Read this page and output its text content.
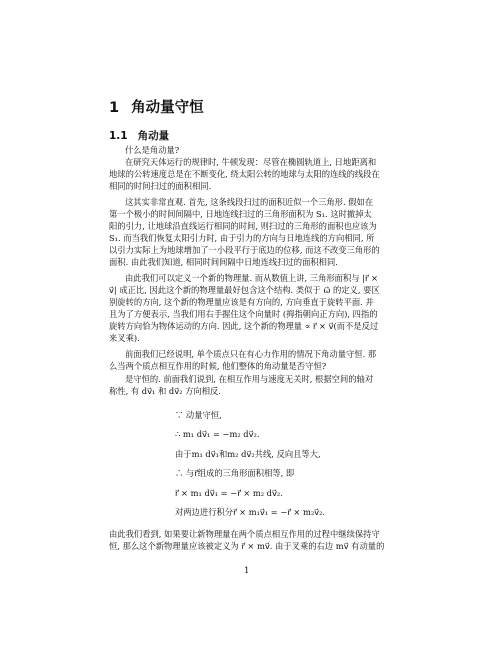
1 角动量守恒
1.1 角动量
什么是角动量?
在研究天体运行的规律时, 牛顿发现：尽管在椭圆轨道上, 日地距离和
地球的公转速度总是在不断变化, 绕太阳公转的地球与太阳的连线的线段在
相同的时间扫过的面积相同.
这其实非常直观. 首先, 这条线段扫过的面积近似一个三角形. 假如在
第一个极小的时间间隔中, 日地连线扫过的三角形面积为 S₁. 这时撤掉太
阳的引力, 让地球沿直线运行相同的时间, 则扫过的三角形的面积也应该为
S₁. 而当我们恢复太阳引力时, 由于引力的方向与日地连线的方向相同, 所
以引力实际上为地球增加了一小段平行于底边的位移, 而这不改变三角形的
面积. 由此我们知道, 相同时间间隔中日地连线扫过的面积相同.
由此我们可以定义一个新的物理量. 而从数值上讲, 三角形面积与 |r⃗ ×
v⃗| 成正比, 因此这个新的物理量最好包含这个结构. 类似于 ω⃗ 的定义, 要区
别旋转的方向, 这个新的物理量应该是有方向的, 方向垂直于旋转平面. 并
且为了方便表示, 当我们用右手握住这个向量时 (拇指朝向正方向), 四指的
旋转方向恰为物体运动的方向. 因此, 这个新的物理量 ∝ r⃗ × v⃗(而不是反过
来叉乘).
前面我们已经说明, 单个质点只在有心力作用的情况下角动量守恒. 那
么当两个质点相互作用的时候, 他们整体的角动量是否守恒?
是守恒的. 前面我们说到, 在相互作用与速度无关时, 根据空间的轴对
称性, 有 dv⃗₁ 和 dv⃗₂ 方向相反.
∵ 动量守恒,
∴ m₁ dv⃗₁ = −m₂ dv⃗₂.
由于m₁ dv⃗₁和m₂ dv⃗₂共线, 反向且等大,
∴ 与r⃗组成的三角形面积相等, 即
r⃗ × m₁ dv⃗₁ = −r⃗ × m₂ dv⃗₂.
对两边进行积分r⃗ × m₁v⃗₁ = −r⃗ × m₂v⃗₂.
由此我们看到, 如果要让新物理量在两个质点相互作用的过程中继续保持守
恒, 那么这个新物理量应该被定义为 r⃗ × mv⃗. 由于叉乘的右边 mv⃗ 有动量的
1
